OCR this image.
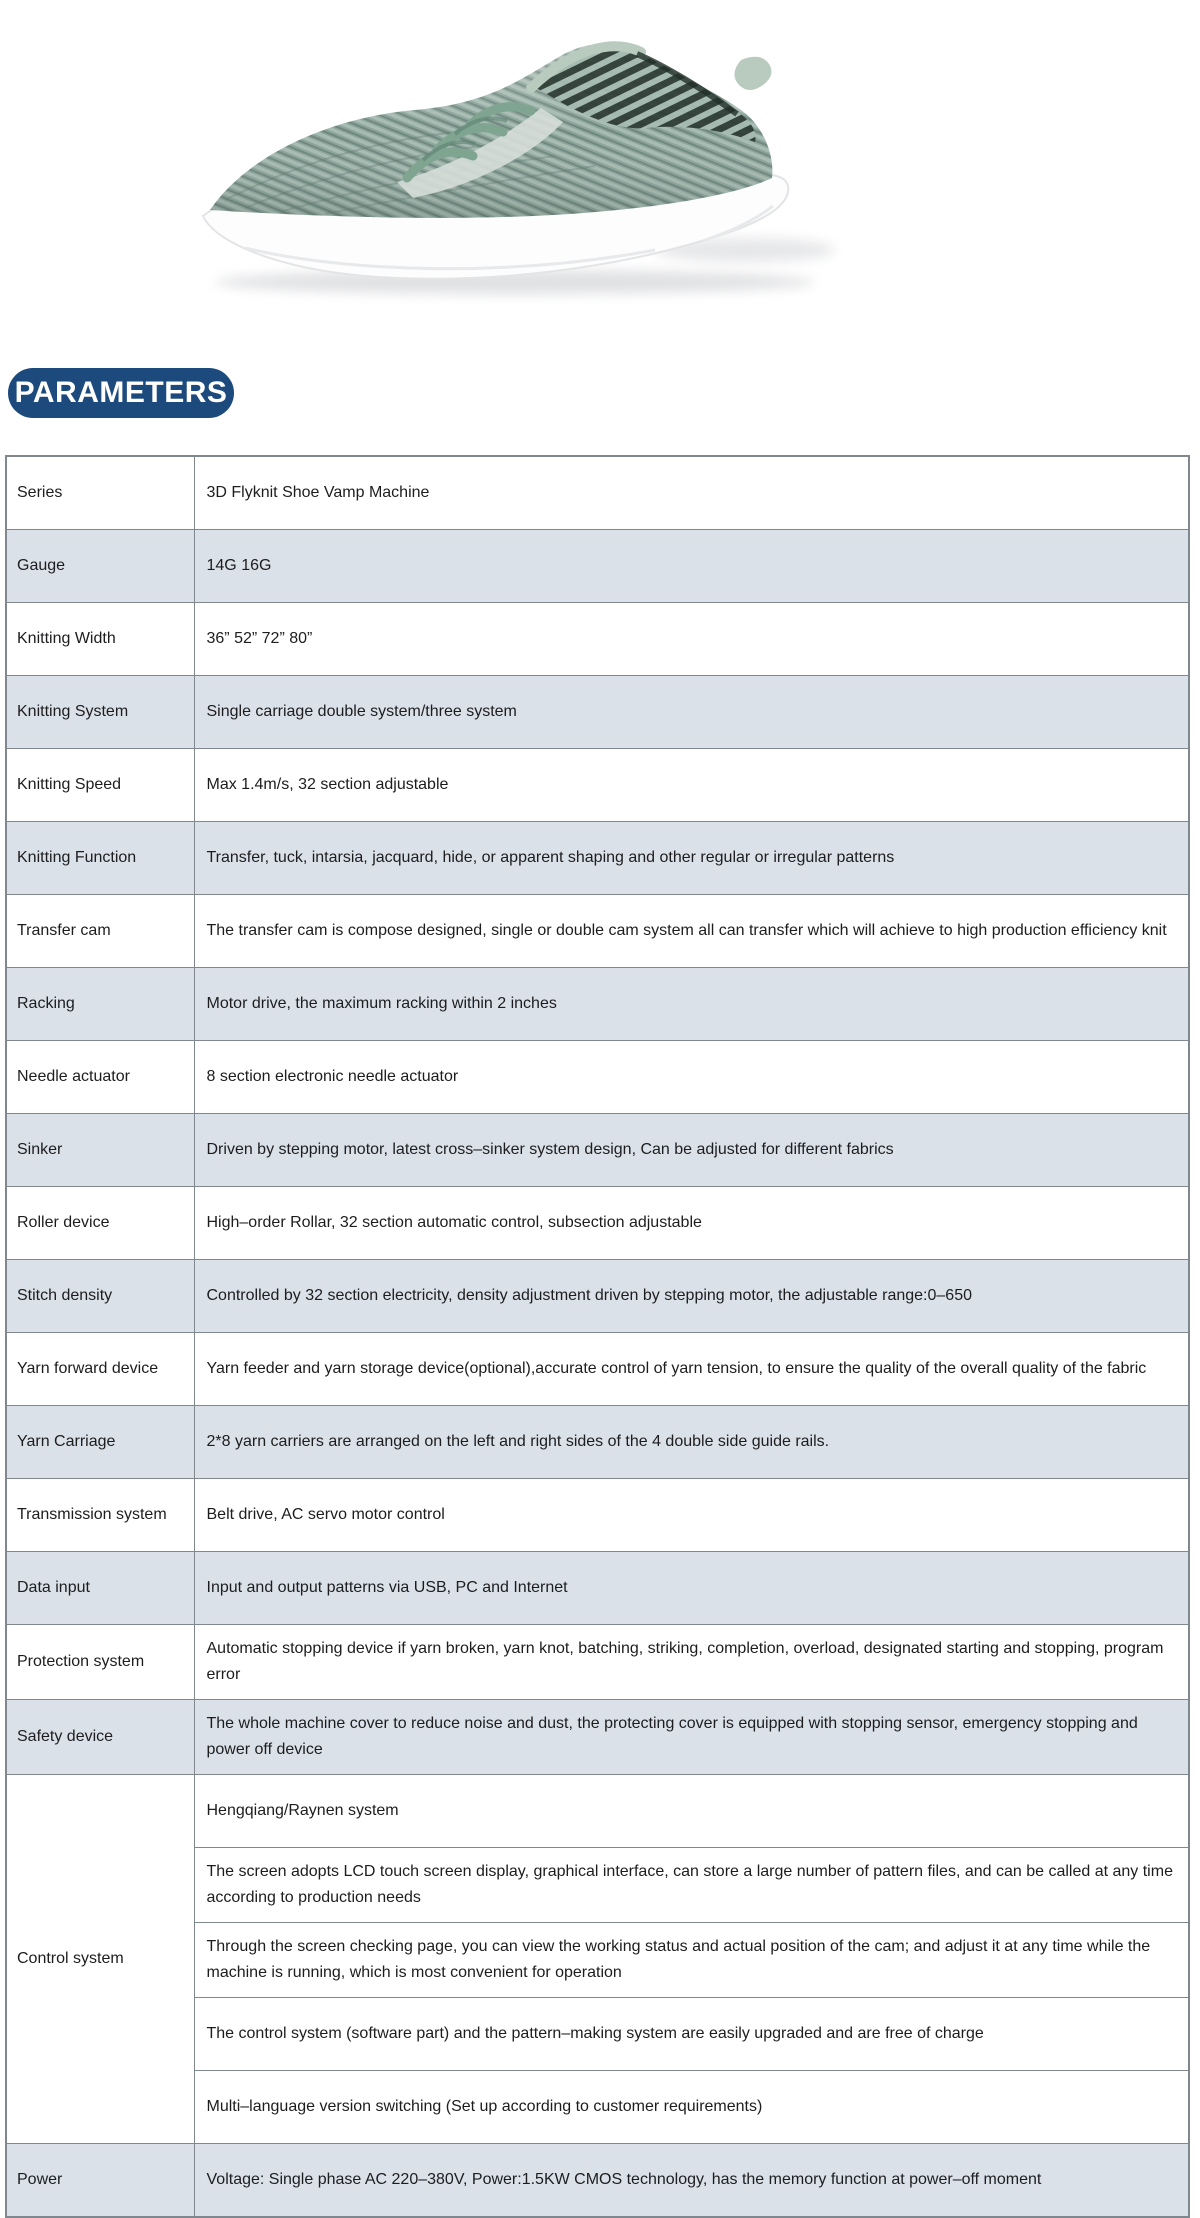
PARAMETERS
Series	3D Flyknit Shoe Vamp Machine
Gauge	14G 16G
Knitting Width	36” 52” 72” 80”
Knitting System	Single carriage double system/three system
Knitting Speed	Max 1.4m/s, 32 section adjustable
Knitting Function	Transfer, tuck, intarsia, jacquard, hide, or apparent shaping and other regular or irregular patterns
Transfer cam	The transfer cam is compose designed, single or double cam system all can transfer which will achieve to high production efficiency knit
Racking	Motor drive, the maximum racking within 2 inches
Needle actuator	8 section electronic needle actuator
Sinker	Driven by stepping motor, latest cross–sinker system design, Can be adjusted for different fabrics
Roller device	High–order Rollar, 32 section automatic control, subsection adjustable
Stitch density	Controlled by 32 section electricity, density adjustment driven by stepping motor, the adjustable range:0–650
Yarn forward device	Yarn feeder and yarn storage device(optional),accurate control of yarn tension, to ensure the quality of the overall quality of the fabric
Yarn Carriage	2*8 yarn carriers are arranged on the left and right sides of the 4 double side guide rails.
Transmission system	Belt drive, AC servo motor control
Data input	Input and output patterns via USB, PC and Internet
Protection system	Automatic stopping device if yarn broken, yarn knot, batching, striking, completion, overload, designated starting and stopping, program error
Safety device	The whole machine cover to reduce noise and dust, the protecting cover is equipped with stopping sensor, emergency stopping and power off device
Control system	Hengqiang/Raynen system
	The screen adopts LCD touch screen display, graphical interface, can store a large number of pattern files, and can be called at any time according to production needs
	Through the screen checking page, you can view the working status and actual position of the cam; and adjust it at any time while the machine is running, which is most convenient for operation
	The control system (software part) and the pattern–making system are easily upgraded and are free of charge
	Multi–language version switching (Set up according to customer requirements)
Power	Voltage: Single phase AC 220–380V, Power:1.5KW CMOS technology, has the memory function at power–off moment
